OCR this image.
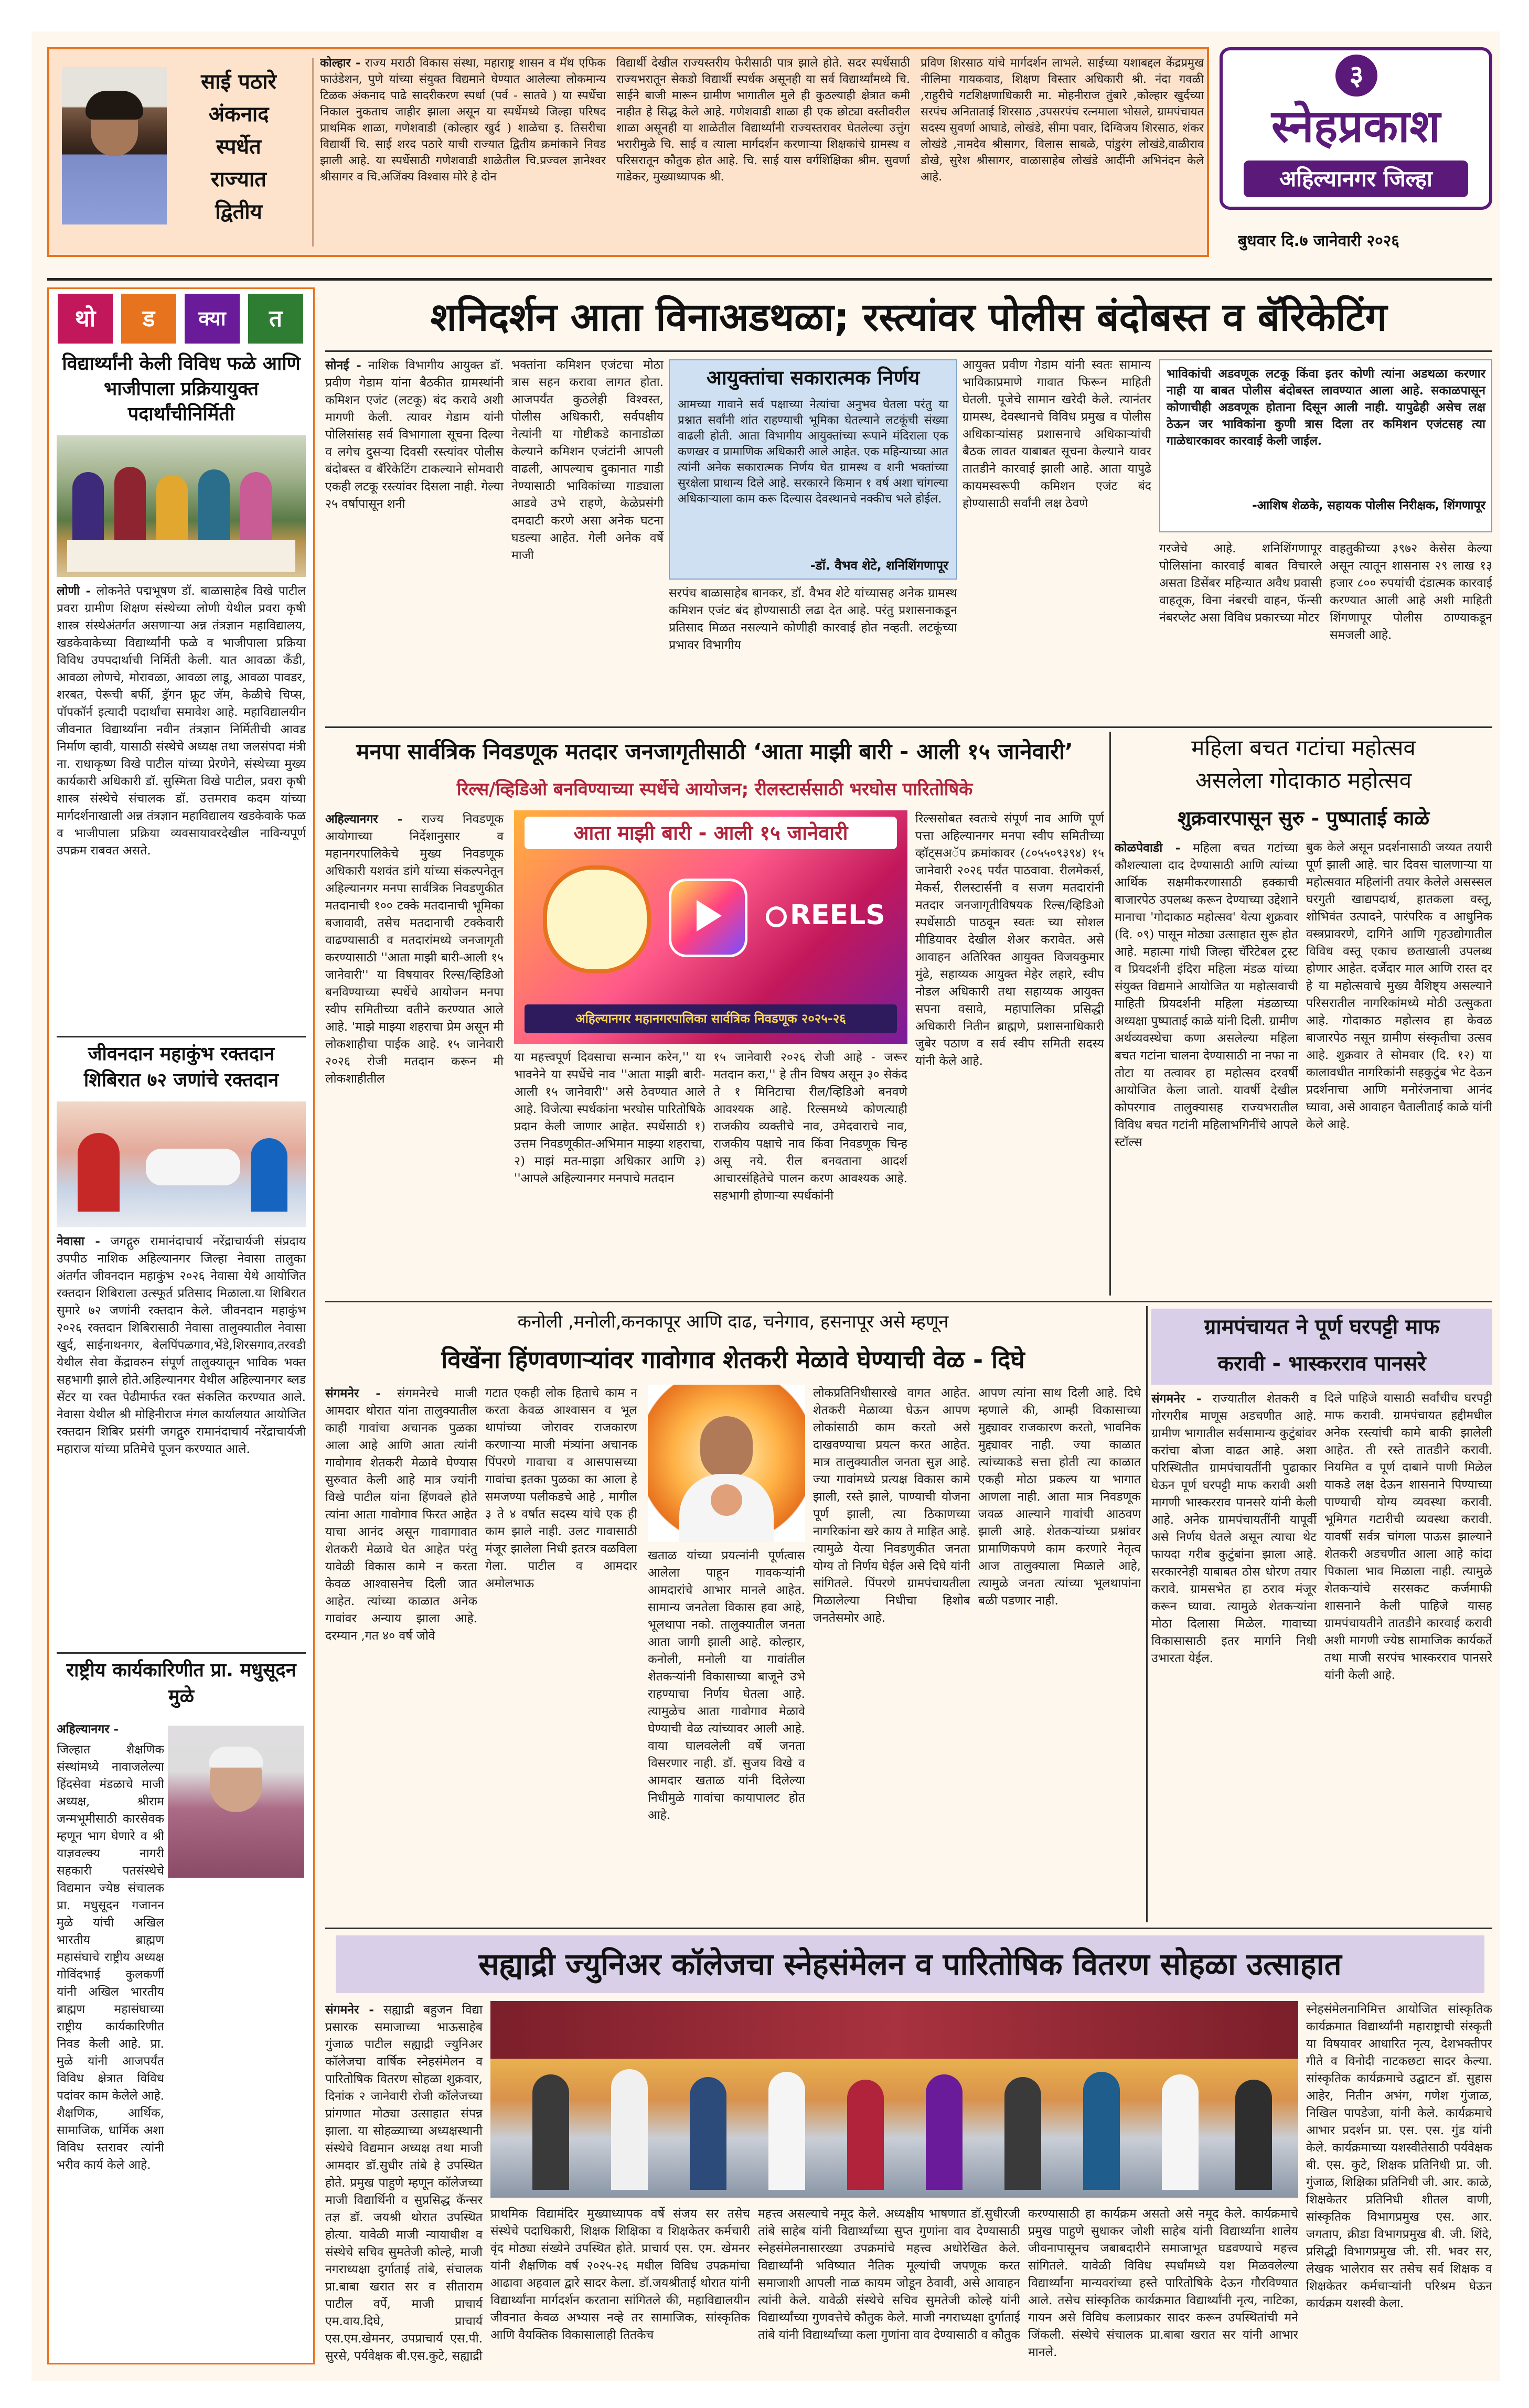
साई पठारे
अंकनाद
स्पर्धेत
राज्यात
द्वितीय
कोल्हार - राज्य मराठी विकास संस्था, महाराष्ट्र शासन व मॅथ एफिक फाउंडेशन, पुणे यांच्या संयुक्त विद्यमाने घेण्यात आलेल्या लोकमान्य टिळक अंकनाद पाढे सादरीकरण स्पर्धा (पर्व - सातवे ) या स्पर्धेचा निकाल नुकताच जाहीर झाला असून या स्पर्धेमध्ये जिल्हा परिषद प्राथमिक शाळा, गणेशवाडी (कोल्हार खुर्द ) शाळेचा इ. तिसरीचा विद्यार्थी चि. साई शरद पठारे याची राज्यात द्वितीय क्रमांकाने निवड झाली आहे. या स्पर्धेसाठी गणेशवाडी शाळेतील चि.प्रज्वल ज्ञानेश्वर श्रीसागर व चि.अजिंक्य विश्वास मोरे हे दोन
विद्यार्थी देखील राज्यस्तरीय फेरीसाठी पात्र झाले होते. सदर स्पर्धेसाठी राज्यभरातून सेकडो विद्यार्थी स्पर्धक असूनही या सर्व विद्यार्थ्यांमध्ये चि. साईने बाजी मारून ग्रामीण भागातील मुले ही कुठल्याही क्षेत्रात कमी नाहीत हे सिद्ध केले आहे. गणेशवाडी शाळा ही एक छोट्या वस्तीवरील शाळा असूनही या शाळेतील विद्यार्थ्यांनी राज्यस्तरावर घेतलेल्या उत्तुंग भरारीमुळे चि. साई व त्याला मार्गदर्शन करणाऱ्या शिक्षकांचे ग्रामस्थ व परिसरातून कौतुक होत आहे. चि. साई यास वर्गशिक्षिका श्रीम. सुवर्णा गाडेकर, मुख्याध्यापक श्री.
प्रविण शिरसाठ यांचे मार्गदर्शन लाभले. साईच्या यशाबद्दल केंद्रप्रमुख नीलिमा गायकवाड, शिक्षण विस्तार अधिकारी श्री. नंदा गवळी ,राहुरीचे गटशिक्षणाधिकारी मा. मोहनीराज तुंबारे ,कोल्हार खुर्दच्या सरपंच अनिताताई शिरसाठ ,उपसरपंच रत्नमाला भोसले, ग्रामपंचायत सदस्य सुवर्णा आघाडे, लोखंडे, सीमा पवार, दिग्विजय शिरसाठ, शंकर लोखंडे ,नामदेव श्रीसागर, विलास साबळे, पांडुरंग लोखंडे,वाळीराव डोखे, सुरेश श्रीसागर, वाळासाहेब लोखंडे आदींनी अभिनंदन केले आहे.
३
स्नेहप्रकाश
अहिल्यानगर जिल्हा
बुधवार दि.७ जानेवारी २०२६
थो	ड	क्या	त
विद्यार्थ्यांनी केली विविध फळे आणि भाजीपाला प्रक्रियायुक्त पदार्थांचीनिर्मिती
लोणी - लोकनेते पद्मभूषण डॉ. बाळासाहेब विखे पाटील प्रवरा ग्रामीण शिक्षण संस्थेच्या लोणी येथील प्रवरा कृषी शास्त्र संस्थेअंतर्गत असणाऱ्या अन्न तंत्रज्ञान महाविद्यालय, खडकेवाकेच्या विद्यार्थ्यांनी फळे व भाजीपाला प्रक्रिया विविध उपपदार्थाची निर्मिती केली. यात आवळा कँडी, आवळा लोणचे, मोरावळा, आवळा लाडू, आवळा पावडर, शरबत, पेरूची बर्फी, ड्रॅगन फ्रूट जॅम, केळीचे चिप्स, पॉपकॉर्न इत्यादी पदार्थांचा समावेश आहे. महाविद्यालयीन जीवनात विद्यार्थ्यांना नवीन तंत्रज्ञान निर्मितीची आवड निर्माण व्हावी, यासाठी संस्थेचे अध्यक्ष तथा जलसंपदा मंत्री ना. राधाकृष्ण विखे पाटील यांच्या प्रेरणेने, संस्थेच्या मुख्य कार्यकारी अधिकारी डॉ. सुस्मिता विखे पाटील, प्रवरा कृषी शास्त्र संस्थेचे संचालक डॉ. उत्तमराव कदम यांच्या मार्गदर्शनाखाली अन्न तंत्रज्ञान महाविद्यालय खडकेवाके फळ व भाजीपाला प्रक्रिया व्यवसायावरदेखील नाविन्यपूर्ण उपक्रम राबवत असते.
जीवनदान महाकुंभ रक्तदान शिबिरात ७२ जणांचे रक्तदान
नेवासा - जगद्गुरु रामानंदाचार्य नरेंद्राचार्यजी संप्रदाय उपपीठ नाशिक अहिल्यानगर जिल्हा नेवासा तालुका अंतर्गत जीवनदान महाकुंभ २०२६ नेवासा येथे आयोजित रक्तदान शिबिराला उत्स्फूर्त प्रतिसाद मिळाला.या शिबिरात सुमारे ७२ जणांनी रक्तदान केले. जीवनदान महाकुंभ २०२६ रक्तदान शिबिरासाठी नेवासा तालुक्यातील नेवासा खुर्द, साईनाथनगर, बेलपिंपळगाव,भेंडे,शिरसगाव,तरवडी येथील सेवा केंद्रावरुन संपूर्ण तालुक्यातून भाविक भक्त सहभागी झाले होते.अहिल्यानगर येथील अहिल्यानगर ब्लड सेंटर या रक्त पेढीमार्फत रक्त संकलित करण्यात आले. नेवासा येथील श्री मोहिनीराज मंगल कार्यालयात आयोजित रक्तदान शिबिर प्रसंगी जगद्गुरु रामानंदाचार्य नरेंद्राचार्यजी महाराज यांच्या प्रतिमेचे पूजन करण्यात आले.
राष्ट्रीय कार्यकारिणीत प्रा. मधुसूदन मुळे
अहिल्यानगर -
जिल्हात शैक्षणिक संस्थांमध्ये नावाजलेल्या हिंदसेवा मंडळाचे माजी अध्यक्ष, श्रीराम जन्मभूमीसाठी कारसेवक म्हणून भाग घेणारे व श्री याज्ञवल्क्य नागरी सहकारी पतसंस्थेचे विद्यमान ज्येष्ठ संचालक प्रा. मधुसूदन गजानन मुळे यांची अखिल भारतीय ब्राह्मण महासंघाचे राष्ट्रीय अध्यक्ष गोविंदभाई कुलकर्णी यांनी अखिल भारतीय ब्राह्मण महासंघाच्या राष्ट्रीय कार्यकारिणीत निवड केली आहे. प्रा. मुळे यांनी आजपर्यंत विविध क्षेत्रात विविध पदांवर काम केलेले आहे. शैक्षणिक, आर्थिक, सामाजिक, धार्मिक अशा विविध स्तरावर त्यांनी भरीव कार्य केले आहे.
शनिदर्शन आता विनाअडथळा; रस्त्यांवर पोलीस बंदोबस्त व बॅरिकेटिंग
सोनई - नाशिक विभागीय आयुक्त डॉ. प्रवीण गेडाम यांना बैठकीत ग्रामस्थांनी कमिशन एजंट (लटकू) बंद करावे अशी मागणी केली. त्यावर गेडाम यांनी पोलिसांसह सर्व विभागाला सूचना दिल्या व लगेच दुसऱ्या दिवसी रस्त्यांवर पोलीस बंदोबस्त व बॅरिकेटिंग टाकल्याने सोमवारी एकही लटकू रस्त्यांवर दिसला नाही. गेल्या २५ वर्षापासून शनी
भक्तांना कमिशन एजंटचा मोठा त्रास सहन करावा लागत होता. आजपर्यंत कुठलेही विश्वस्त, पोलीस अधिकारी, सर्वपक्षीय नेत्यांनी या गोष्टीकडे कानाडोळा केल्याने कमिशन एजंटांनी आपली वाढली, आपल्याच दुकानात गाडी नेण्यासाठी भाविकांच्या गाड्याला आडवे उभे राहणे, केळेप्रसंगी दमदाटी करणे असा अनेक घटना घडल्या आहेत. गेली अनेक वर्षे माजी
आयुक्तांचा सकारात्मक निर्णय
आमच्या गावाने सर्व पक्षाच्या नेत्यांचा अनुभव घेतला परंतु या प्रश्नात सर्वांनी शांत राहण्याची भूमिका घेतल्याने लटकूंची संख्या वाढली होती. आता विभागीय आयुक्तांच्या रूपाने मंदिराला एक कणखर व प्रामाणिक अधिकारी आले आहेत. एक महिन्याच्या आत त्यांनी अनेक सकारात्मक निर्णय घेत ग्रामस्थ व शनी भक्तांच्या सुरक्षेला प्राधान्य दिले आहे. सरकारने किमान १ वर्ष अशा चांगल्या अधिकाऱ्याला काम करू दिल्यास देवस्थानचे नक्कीच भले होईल.
-डॉ. वैभव शेटे, शनिशिंगणापूर
सरपंच बाळासाहेब बानकर, डॉ. वैभव शेटे यांच्यासह अनेक ग्रामस्थ कमिशन एजंट बंद होण्यासाठी लढा देत आहे. परंतु प्रशासनाकडून प्रतिसाद मिळत नसल्याने कोणीही कारवाई होत नव्हती. लटकूंच्या प्रभावर विभागीय
आयुक्त प्रवीण गेडाम यांनी स्वतः सामान्य भाविकाप्रमाणे गावात फिरून माहिती घेतली. पूजेचे सामान खरेदी केले. त्यानंतर ग्रामस्थ, देवस्थानचे विविध प्रमुख व पोलीस अधिकाऱ्यांसह प्रशासनाचे अधिकाऱ्यांची बैठक लावत याबाबत सूचना केल्याने यावर तातडीने कारवाई झाली आहे. आता यापुढे कायमस्वरूपी कमिशन एजंट बंद होण्यासाठी सर्वांनी लक्ष ठेवणे
भाविकांची अडवणूक लटकू किंवा इतर कोणी त्यांना अडथळा करणार नाही या बाबत पोलीस बंदोबस्त लावण्यात आला आहे. सकाळपासून कोणाचीही अडवणूक होताना दिसून आली नाही. यापुढेही असेच लक्ष ठेऊन जर भाविकांना कुणी त्रास दिला तर कमिशन एजंटसह त्या गाळेधारकावर कारवाई केली जाईल.
-आशिष शेळके, सहायक पोलीस निरीक्षक, शिंगणापूर
गरजेचे आहे. शनिशिंगणापूर पोलिसांना कारवाई बाबत विचारले असता डिसेंबर महिन्यात अवैध प्रवासी वाहतूक, विना नंबरची वाहन, फॅन्सी नंबरप्लेट असा विविध प्रकारच्या मोटर
वाहतुकीच्या ३९७२ केसेस केल्या असून त्यातून शासनास २९ लाख १३ हजार ८०० रुपयांची दंडात्मक कारवाई करण्यात आली आहे अशी माहिती शिंगणापूर पोलीस ठाण्याकडून समजली आहे.
मनपा सार्वत्रिक निवडणूक मतदार जनजागृतीसाठी ‘आता माझी बारी - आली १५ जानेवारी’
रिल्स/व्हिडिओ बनविण्याच्या स्पर्धेचे आयोजन; रीलस्टार्ससाठी भरघोस पारितोषिके
अहिल्यानगर - राज्य निवडणूक आयोगाच्या निर्देशानुसार व महानगरपालिकेचे मुख्य निवडणूक अधिकारी यशवंत डांगे यांच्या संकल्पनेतून अहिल्यानगर मनपा सार्वत्रिक निवडणुकीत मतदानाची १०० टक्के मतदानाची भूमिका बजावावी, तसेच मतदानाची टक्केवारी वाढण्यासाठी व मतदारांमध्ये जनजागृती करण्यासाठी ''आता माझी बारी-आली १५ जानेवारी'' या विषयावर रिल्स/व्हिडिओ बनविण्याच्या स्पर्धेचे आयोजन मनपा स्वीप समितीच्या वतीने करण्यात आले आहे. 'माझे माझ्या शहराचा प्रेम असून मी लोकशाहीचा पाईक आहे. १५ जानेवारी २०२६ रोजी मतदान करून मी लोकशाहीतील
आता माझी बारी - आली १५ जानेवारी
REELS
अहिल्यानगर महानगरपालिका सार्वत्रिक निवडणूक २०२५-२६
या महत्त्वपूर्ण दिवसाचा सन्मान करेन,'' या भावनेने या स्पर्धेचे नाव ''आता माझी बारी-आली १५ जानेवारी'' असे ठेवण्यात आले आहे. विजेत्या स्पर्धकांना भरघोस पारितोषिके प्रदान केली जाणार आहेत. स्पर्धेसाठी १) उत्तम निवडणूकीत-अभिमान माझ्या शहराचा, २) माझं मत-माझा अधिकार आणि ३) ''आपले अहिल्यानगर मनपाचे मतदान
१५ जानेवारी २०२६ रोजी आहे - जरूर मतदान करा,'' हे तीन विषय असून ३० सेकंद ते १ मिनिटाचा रील/व्हिडिओ बनवणे आवश्यक आहे. रिल्समध्ये कोणत्याही राजकीय व्यक्तीचे नाव, उमेदवाराचे नाव, राजकीय पक्षाचे नाव किंवा निवडणूक चिन्ह असू नये. रील बनवताना आदर्श आचारसंहितेचे पालन करण आवश्यक आहे. सहभागी होणाऱ्या स्पर्धकांनी
रिल्ससोबत स्वतःचे संपूर्ण नाव आणि पूर्ण पत्ता अहिल्यानगर मनपा स्वीप समितीच्या व्हॉट्सअॅप क्रमांकावर (८०५५०९३९४) १५ जानेवारी २०२६ पर्यंत पाठवावा. रीलमेकर्स, मेकर्स, रीलस्टार्सनी व सजग मतदारांनी मतदार जनजागृतीविषयक रिल्स/व्हिडिओ स्पर्धेसाठी पाठवून स्वतः च्या सोशल मीडियावर देखील शेअर करावेत. असे आवाहन अतिरिक्त आयुक्त विजयकुमार मुंढे, सहाय्यक आयुक्त मेहेर लहारे, स्वीप नोडल अधिकारी तथा सहाय्यक आयुक्त सपना वसावे, महापालिका प्रसिद्धी अधिकारी नितीन ब्राह्मणे, प्रशासनाधिकारी जुबेर पठाण व सर्व स्वीप समिती सदस्य यांनी केले आहे.
महिला बचत गटांचा महोत्सव
असलेला गोदाकाठ महोत्सव
शुक्रवारपासून सुरु - पुष्पाताई काळे
कोळपेवाडी - महिला बचत गटांच्या कौशल्याला दाद देण्यासाठी आणि त्यांच्या आर्थिक सक्षमीकरणासाठी हक्काची बाजारपेठ उपलब्ध करून देण्याच्या उद्देशाने मानाचा 'गोदाकाठ महोत्सव' येत्या शुक्रवार (दि. ०९) पासून मोठ्या उत्साहात सुरू होत आहे. महात्मा गांधी जिल्हा चॅरिटेबल ट्रस्ट व प्रियदर्शनी इंदिरा महिला मंडळ यांच्या संयुक्त विद्यमाने आयोजित या महोत्सवाची माहिती प्रियदर्शनी महिला मंडळाच्या अध्यक्षा पुष्पाताई काळे यांनी दिली. ग्रामीण अर्थव्यवस्थेचा कणा असलेल्या महिला बचत गटांना चालना देण्यासाठी ना नफा ना तोटा या तत्वावर हा महोत्सव दरवर्षी आयोजित केला जातो. यावर्षी देखील कोपरगाव तालुक्यासह राज्यभरातील विविध बचत गटांनी महिलाभगिनींचे आपले स्टॉल्स
बुक केले असून प्रदर्शनासाठी जय्यत तयारी पूर्ण झाली आहे. चार दिवस चालणाऱ्या या महोत्सवात महिलांनी तयार केलेले असस्सल घरगुती खाद्यपदार्थ, हातकला वस्तू, शोभिवंत उत्पादने, पारंपरिक व आधुनिक वस्त्रप्रावरणे, दागिने आणि गृहउद्योगातील विविध वस्तू एकाच छताखाली उपलब्ध होणार आहेत. दर्जेदार माल आणि रास्त दर हे या महोत्सवाचे मुख्य वैशिष्ट्य असल्याने परिसरातील नागरिकांमध्ये मोठी उत्सुकता आहे. गोदाकाठ महोत्सव हा केवळ बाजारपेठ नसून ग्रामीण संस्कृतीचा उत्सव आहे. शुक्रवार ते सोमवार (दि. १२) या कालावधीत नागरिकांनी सहकुटुंब भेट देऊन प्रदर्शनाचा आणि मनोरंजनाचा आनंद घ्यावा, असे आवाहन चैतालीताई काळे यांनी केले आहे.
कनोली ,मनोली,कनकापूर आणि दाढ, चनेगाव, हसनापूर असे म्हणून
विखेंना हिंणवणाऱ्यांवर गावोगाव शेतकरी मेळावे घेण्याची वेळ - दिघे
संगमनेर - संगमनेरचे माजी आमदार थोरात यांना तालुक्यातील काही गावांचा अचानक पुळका आला आहे आणि आता त्यांनी गावोगाव शेतकरी मेळावे घेण्यास सुरुवात केली आहे मात्र ज्यांनी विखे पाटील यांना हिंणवले होते त्यांना आता गावोगाव फिरत आहेत याचा आनंद असून गावागावात शेतकरी मेळावे घेत आहेत परंतु यावेळी विकास कामे न करता केवळ आश्वासनेच दिली जात आहेत. त्यांच्या काळात अनेक गावांवर अन्याय झाला आहे. दरम्यान ,गत ४० वर्ष जोवे
गटात एकही लोक हिताचे काम न करता केवळ आश्वासन व भूल थापांच्या जोरावर राजकारण करणाऱ्या माजी मंत्र्यांना अचानक पिंपरणे गावाचा व आसपासच्या गावांचा इतका पुळका का आला हे समजण्या पलीकडचे आहे , मागील ३ ते ४ वर्षात सदस्य यांचे एक ही काम झाले नाही. उलट गावासाठी मंजूर झालेला निधी इतरत्र वळविला गेला. पाटील व आमदार अमोलभाऊ
खताळ यांच्या प्रयत्नांनी पूर्णत्वास आलेला पाहून गावकऱ्यांनी आमदारांचे आभार मानले आहेत. सामान्य जनतेला विकास हवा आहे, भूलथापा नको. तालुक्यातील जनता आता जागी झाली आहे. कोल्हार, कनोली, मनोली या गावांतील शेतकऱ्यांनी विकासाच्या बाजूने उभे राहण्याचा निर्णय घेतला आहे. त्यामुळेच आता गावोगाव मेळावे घेण्याची वेळ त्यांच्यावर आली आहे. वाया घालवलेली वर्षे जनता विसरणार नाही. डॉ. सुजय विखे व आमदार खताळ यांनी दिलेल्या निधीमुळे गावांचा कायापालट होत आहे.
लोकप्रतिनिधीसारखे वागत आहेत. शेतकरी मेळाव्या घेऊन आपण लोकांसाठी काम करतो असे दाखवण्याचा प्रयत्न करत आहेत. मात्र तालुक्यातील जनता सुज्ञ आहे. ज्या गावांमध्ये प्रत्यक्ष विकास कामे झाली, रस्ते झाले, पाण्याची योजना पूर्ण झाली, त्या ठिकाणच्या नागरिकांना खरे काय ते माहित आहे. त्यामुळे येत्या निवडणुकीत जनता योग्य तो निर्णय घेईल असे दिघे यांनी सांगितले. पिंपरणे ग्रामपंचायतीला मिळालेल्या निधीचा हिशोब जनतेसमोर आहे.
आपण त्यांना साथ दिली आहे. दिघे म्हणाले की, आम्ही विकासाच्या मुद्द्यावर राजकारण करतो, भावनिक मुद्द्यावर नाही. ज्या काळात त्यांच्याकडे सत्ता होती त्या काळात एकही मोठा प्रकल्प या भागात आणला नाही. आता मात्र निवडणूक जवळ आल्याने गावांची आठवण झाली आहे. शेतकऱ्यांच्या प्रश्नांवर प्रामाणिकपणे काम करणारे नेतृत्व आज तालुक्याला मिळाले आहे, त्यामुळे जनता त्यांच्या भूलथापांना बळी पडणार नाही.
ग्रामपंचायत ने पूर्ण घरपट्टी माफ
करावी - भास्करराव पानसरे
संगमनेर - राज्यातील शेतकरी व गोरगरीब माणूस अडचणीत आहे. ग्रामीण भागातील सर्वसामान्य कुटुंबांवर करांचा बोजा वाढत आहे. अशा परिस्थितीत ग्रामपंचायतींनी पुढाकार घेऊन पूर्ण घरपट्टी माफ करावी अशी मागणी भास्करराव पानसरे यांनी केली आहे. अनेक ग्रामपंचायतींनी यापूर्वी असे निर्णय घेतले असून त्याचा थेट फायदा गरीब कुटुंबांना झाला आहे. सरकारनेही याबाबत ठोस धोरण तयार करावे. ग्रामसभेत हा ठराव मंजूर करून घ्यावा. त्यामुळे शेतकऱ्यांना मोठा दिलासा मिळेल. गावाच्या विकासासाठी इतर मार्गाने निधी उभारता येईल.
दिले पाहिजे यासाठी सर्वांचीच घरपट्टी माफ करावी. ग्रामपंचायत हद्दीमधील अनेक रस्त्यांची कामे बाकी झालेली आहेत. ती रस्ते तातडीने करावी. नियमित व पूर्ण दाबाने पाणी मिळेल याकडे लक्ष देऊन शासनाने पिण्याच्या पाण्याची योग्य व्यवस्था करावी. भूमिगत गटारीची व्यवस्था करावी. यावर्षी सर्वत्र चांगला पाऊस झाल्याने शेतकरी अडचणीत आला आहे कांदा पिकाला भाव मिळाला नाही. त्यामुळे शेतकऱ्यांचे सरसकट कर्जमाफी शासनाने केली पाहिजे यासह ग्रामपंचायतीने तातडीने कारवाई करावी अशी मागणी ज्येष्ठ सामाजिक कार्यकर्ते तथा माजी सरपंच भास्करराव पानसरे यांनी केली आहे.
सह्याद्री ज्युनिअर कॉलेजचा स्नेहसंमेलन व पारितोषिक वितरण सोहळा उत्साहात
संगमनेर - सह्याद्री बहुजन विद्या प्रसारक समाजाच्या भाऊसाहेब गुंजाळ पाटील सह्याद्री ज्युनिअर कॉलेजचा वार्षिक स्नेहसंमेलन व पारितोषिक वितरण सोहळा शुक्रवार, दिनांक २ जानेवारी रोजी कॉलेजच्या प्रांगणात मोठ्या उत्साहात संपन्न झाला. या सोहळ्याच्या अध्यक्षस्थानी संस्थेचे विद्यमान अध्यक्ष तथा माजी आमदार डॉ.सुधीर तांबे हे उपस्थित होते. प्रमुख पाहुणे म्हणून कॉलेजच्या माजी विद्यार्थिनी व सुप्रसिद्ध कॅन्सर तज्ञ डॉ. जयश्री थोरात उपस्थित होत्या. यावेळी माजी न्यायाधीश व संस्थेचे सचिव सुमतेजी कोल्हे, माजी नगराध्यक्षा दुर्गाताई तांबे, संचालक प्रा.बाबा खरात सर व सीताराम पाटील वर्पे, माजी प्राचार्य एम.वाय.दिघे, प्राचार्य एस.एम.खेमनर, उपप्राचार्य एस.पी. सुरसे, पर्यवेक्षक बी.एस.कुटे, सह्याद्री
प्राथमिक विद्यामंदिर मुख्याध्यापक वर्षे संजय सर तसेच संस्थेचे पदाधिकारी, शिक्षक शिक्षिका व शिक्षकेतर कर्मचारी वृंद मोठ्या संख्येने उपस्थित होते. प्राचार्य एस. एम. खेमनर यांनी शैक्षणिक वर्ष २०२५-२६ मधील विविध उपक्रमांचा आढावा अहवाल द्वारे सादर केला. डॉ.जयश्रीताई थोरात यांनी विद्यार्थ्यांना मार्गदर्शन करताना सांगितले की, महाविद्यालयीन जीवनात केवळ अभ्यास नव्हे तर सामाजिक, सांस्कृतिक आणि वैयक्तिक विकासालाही तितकेच
महत्त्व असल्याचे नमूद केले. अध्यक्षीय भाषणात डॉ.सुधीरजी तांबे साहेब यांनी विद्यार्थ्यांच्या सुप्त गुणांना वाव देण्यासाठी स्नेहसंमेलनासारख्या उपक्रमांचे महत्त्व अधोरेखित केले. विद्यार्थ्यांनी भविष्यात नैतिक मूल्यांची जपणूक करत समाजाशी आपली नाळ कायम जोडून ठेवावी, असे आवाहन त्यांनी केले. यावेळी संस्थेचे सचिव सुमतेजी कोल्हे यांनी विद्यार्थ्यांच्या गुणवत्तेचे कौतुक केले. माजी नगराध्यक्षा दुर्गाताई तांबे यांनी विद्यार्थ्यांच्या कला गुणांना वाव देण्यासाठी व कौतुक
करण्यासाठी हा कार्यक्रम असतो असे नमूद केले. कार्यक्रमाचे प्रमुख पाहुणे सुधाकर जोशी साहेब यांनी विद्यार्थ्यांना शालेय जीवनापासूनच जबाबदारीने समाजाभूत घडवण्याचे महत्त्व सांगितले. यावेळी विविध स्पर्धांमध्ये यश मिळवलेल्या विद्यार्थ्यांना मान्यवरांच्या हस्ते पारितोषिके देऊन गौरविण्यात आले. तसेच सांस्कृतिक कार्यक्रमात विद्यार्थ्यांनी नृत्य, नाटिका, गायन असे विविध कलाप्रकार सादर करून उपस्थितांची मने जिंकली. संस्थेचे संचालक प्रा.बाबा खरात सर यांनी आभार मानले.
स्नेहसंमेलनानिमित्त आयोजित सांस्कृतिक कार्यक्रमात विद्यार्थ्यांनी महाराष्ट्राची संस्कृती या विषयावर आधारित नृत्य, देशभक्तीपर गीते व विनोदी नाटकछटा सादर केल्या. सांस्कृतिक कार्यक्रमाचे उद्घाटन डॉ. सुहास आहेर, नितीन अभंग, गणेश गुंजाळ, निखिल पापडेजा, यांनी केले. कार्यक्रमाचे आभार प्रदर्शन प्रा. एस. एस. गुंड यांनी केले. कार्यक्रमाच्या यशस्वीतेसाठी पर्यवेक्षक बी. एस. कुटे, शिक्षक प्रतिनिधी प्रा. जी. गुंजाळ, शिक्षिका प्रतिनिधी जी. आर. काळे, शिक्षकेतर प्रतिनिधी शीतल वाणी, सांस्कृतिक विभागप्रमुख एस. आर. जगताप, क्रीडा विभागप्रमुख बी. जी. शिंदे, प्रसिद्धी विभागप्रमुख जी. सी. भवर सर, लेखक भालेराव सर तसेच सर्व शिक्षक व शिक्षकेतर कर्मचाऱ्यांनी परिश्रम घेऊन कार्यक्रम यशस्वी केला.
